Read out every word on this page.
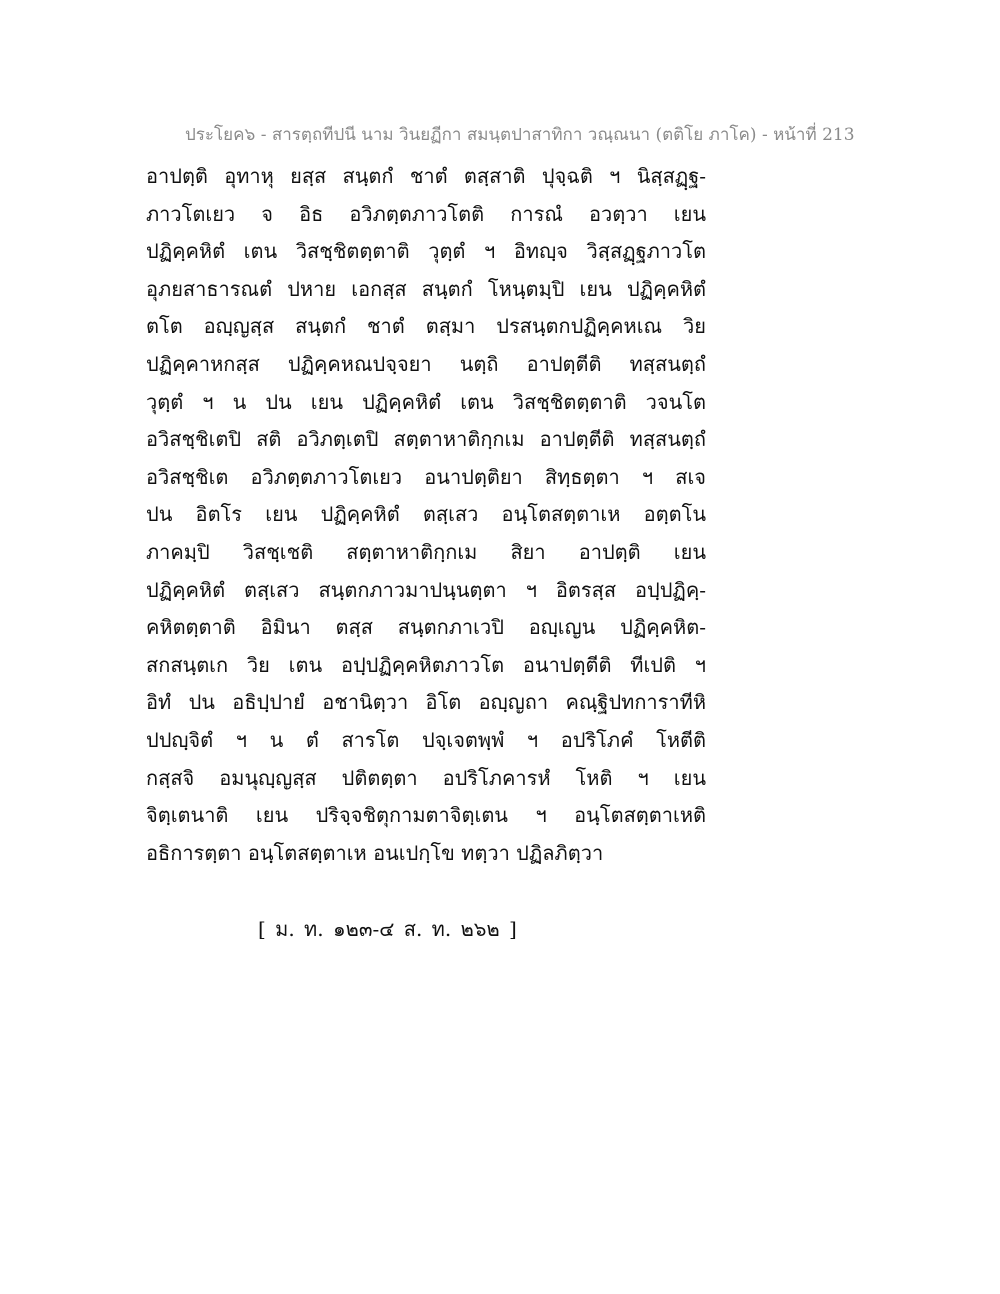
ประโยค๖ - สารตฺถทีปนี นาม วินยฏีกา สมนฺตปาสาทิกา วณฺณนา (ตติโย ภาโค) - หน้าที่ 213
อาปตฺติ อุทาหุ ยสฺส สนฺตกํ ชาตํ ตสฺสาติ ปุจฺฉติ ฯ นิสฺสฏฺฐ-
ภาวโตเยว จ อิธ อวิภตฺตภาวโตติ การณํ อวตฺวา เยน
ปฏิคฺคหิตํ เตน วิสชฺชิตตฺตาติ วุตฺตํ ฯ อิทญฺจ วิสฺสฏฺฐภาวโต
อุภยสาธารณตํ ปหาย เอกสฺส สนฺตกํ โหนฺตมฺปิ เยน ปฏิคฺคหิตํ
ตโต อญฺญสฺส สนฺตกํ ชาตํ ตสฺมา ปรสนฺตกปฏิคฺคหเณ วิย
ปฏิคฺคาหกสฺส ปฏิคฺคหณปจฺจยา นตฺถิ อาปตฺตีติ ทสฺสนตฺถํ
วุตฺตํ ฯ น ปน เยน ปฏิคฺคหิตํ เตน วิสชฺชิตตฺตาติ วจนโต
อวิสชฺชิเตปิ สติ อวิภตฺเตปิ สตฺตาหาติกฺกเม อาปตฺตีติ ทสฺสนตฺถํ
อวิสชฺชิเต อวิภตฺตภาวโตเยว อนาปตฺติยา สิทฺธตฺตา ฯ สเจ
ปน อิตโร เยน ปฏิคฺคหิตํ ตสฺเสว อนฺโตสตฺตาเห อตฺตโน
ภาคมฺปิ วิสชฺเชติ สตฺตาหาติกฺกเม สิยา อาปตฺติ เยน
ปฏิคฺคหิตํ ตสฺเสว สนฺตกภาวมาปนฺนตฺตา ฯ อิตรสฺส อปฺปฏิคฺ-
คหิตตฺตาติ อิมินา ตสฺส สนฺตกภาเวปิ อญฺเญน ปฏิคฺคหิต-
สกสนฺตเก วิย เตน อปฺปฏิคฺคหิตภาวโต อนาปตฺตีติ ทีเปติ ฯ
อิทํ ปน อธิปฺปายํ อชานิตฺวา อิโต อญฺญถา คณฺฐิปทการาทีหิ
ปปญฺจิตํ ฯ น ตํ สารโต ปจฺเจตพฺพํ ฯ อปริโภคํ โหตีติ
กสฺสจิ อมนุญฺญสฺส ปติตตฺตา อปริโภคารหํ โหติ ฯ เยน
จิตฺเตนาติ เยน ปริจฺจชิตุกามตาจิตฺเตน ฯ อนฺโตสตฺตาเหติ
อธิการตฺตา อนฺโตสตฺตาเห อนเปกฺโข ทตฺวา ปฏิลภิตฺวา
[ ม. ท. ๑๒๓-๔ ส. ท. ๒๖๒ ]
